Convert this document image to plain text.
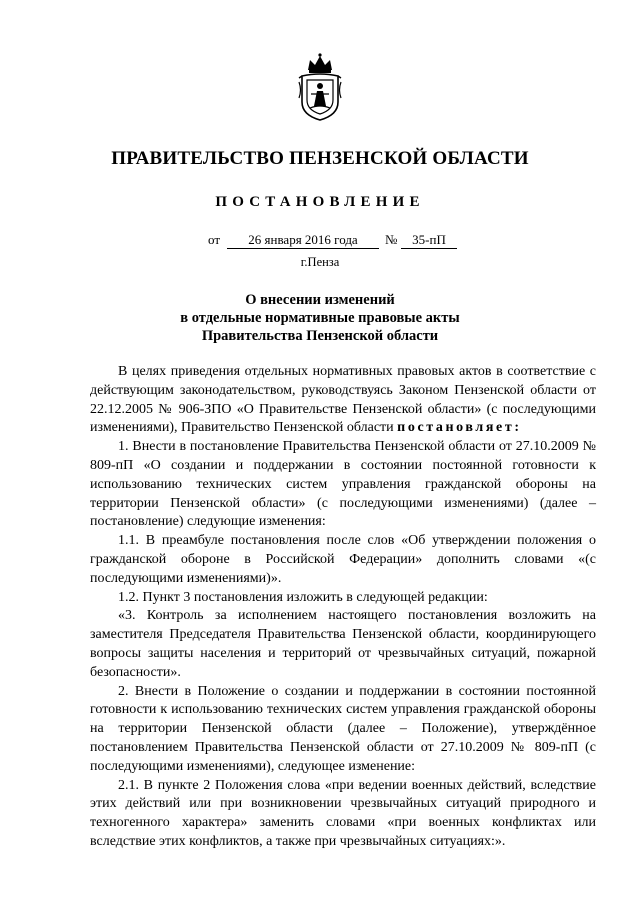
ПРАВИТЕЛЬСТВО ПЕНЗЕНСКОЙ ОБЛАСТИ
ПОСТАНОВЛЕНИЕ
от	26 января 2016 года	№	35-пП
г.Пенза
О внесении изменений
в отдельные нормативные правовые акты
Правительства Пензенской области

В целях приведения отдельных нормативных правовых актов в соответствие с действующим законодательством, руководствуясь Законом Пензенской области от 22.12.2005 № 906-ЗПО «О Правительстве Пензенской области» (с последующими изменениями), Правительство Пензенской области постановляет:

1. Внести в постановление Правительства Пензенской области от 27.10.2009 № 809-пП «О создании и поддержании в состоянии постоянной готовности к использованию технических систем управления гражданской обороны на территории Пензенской области» (с последующими изменениями) (далее – постановление) следующие изменения:

1.1. В преамбуле постановления после слов «Об утверждении положения о гражданской обороне в Российской Федерации» дополнить словами «(с последующими изменениями)».

1.2. Пункт 3 постановления изложить в следующей редакции:

«3. Контроль за исполнением настоящего постановления возложить на заместителя Председателя Правительства Пензенской области, координирующего вопросы защиты населения и территорий от чрезвычайных ситуаций, пожарной безопасности».

2. Внести в Положение о создании и поддержании в состоянии постоянной готовности к использованию технических систем управления гражданской обороны на территории Пензенской области (далее – Положение), утверждённое постановлением Правительства Пензенской области от 27.10.2009 № 809-пП (с последующими изменениями), следующее изменение:

2.1. В пункте 2 Положения слова «при ведении военных действий, вследствие этих действий или при возникновении чрезвычайных ситуаций природного и техногенного характера» заменить словами «при военных конфликтах или вследствие этих конфликтов, а также при чрезвычайных ситуациях:».
